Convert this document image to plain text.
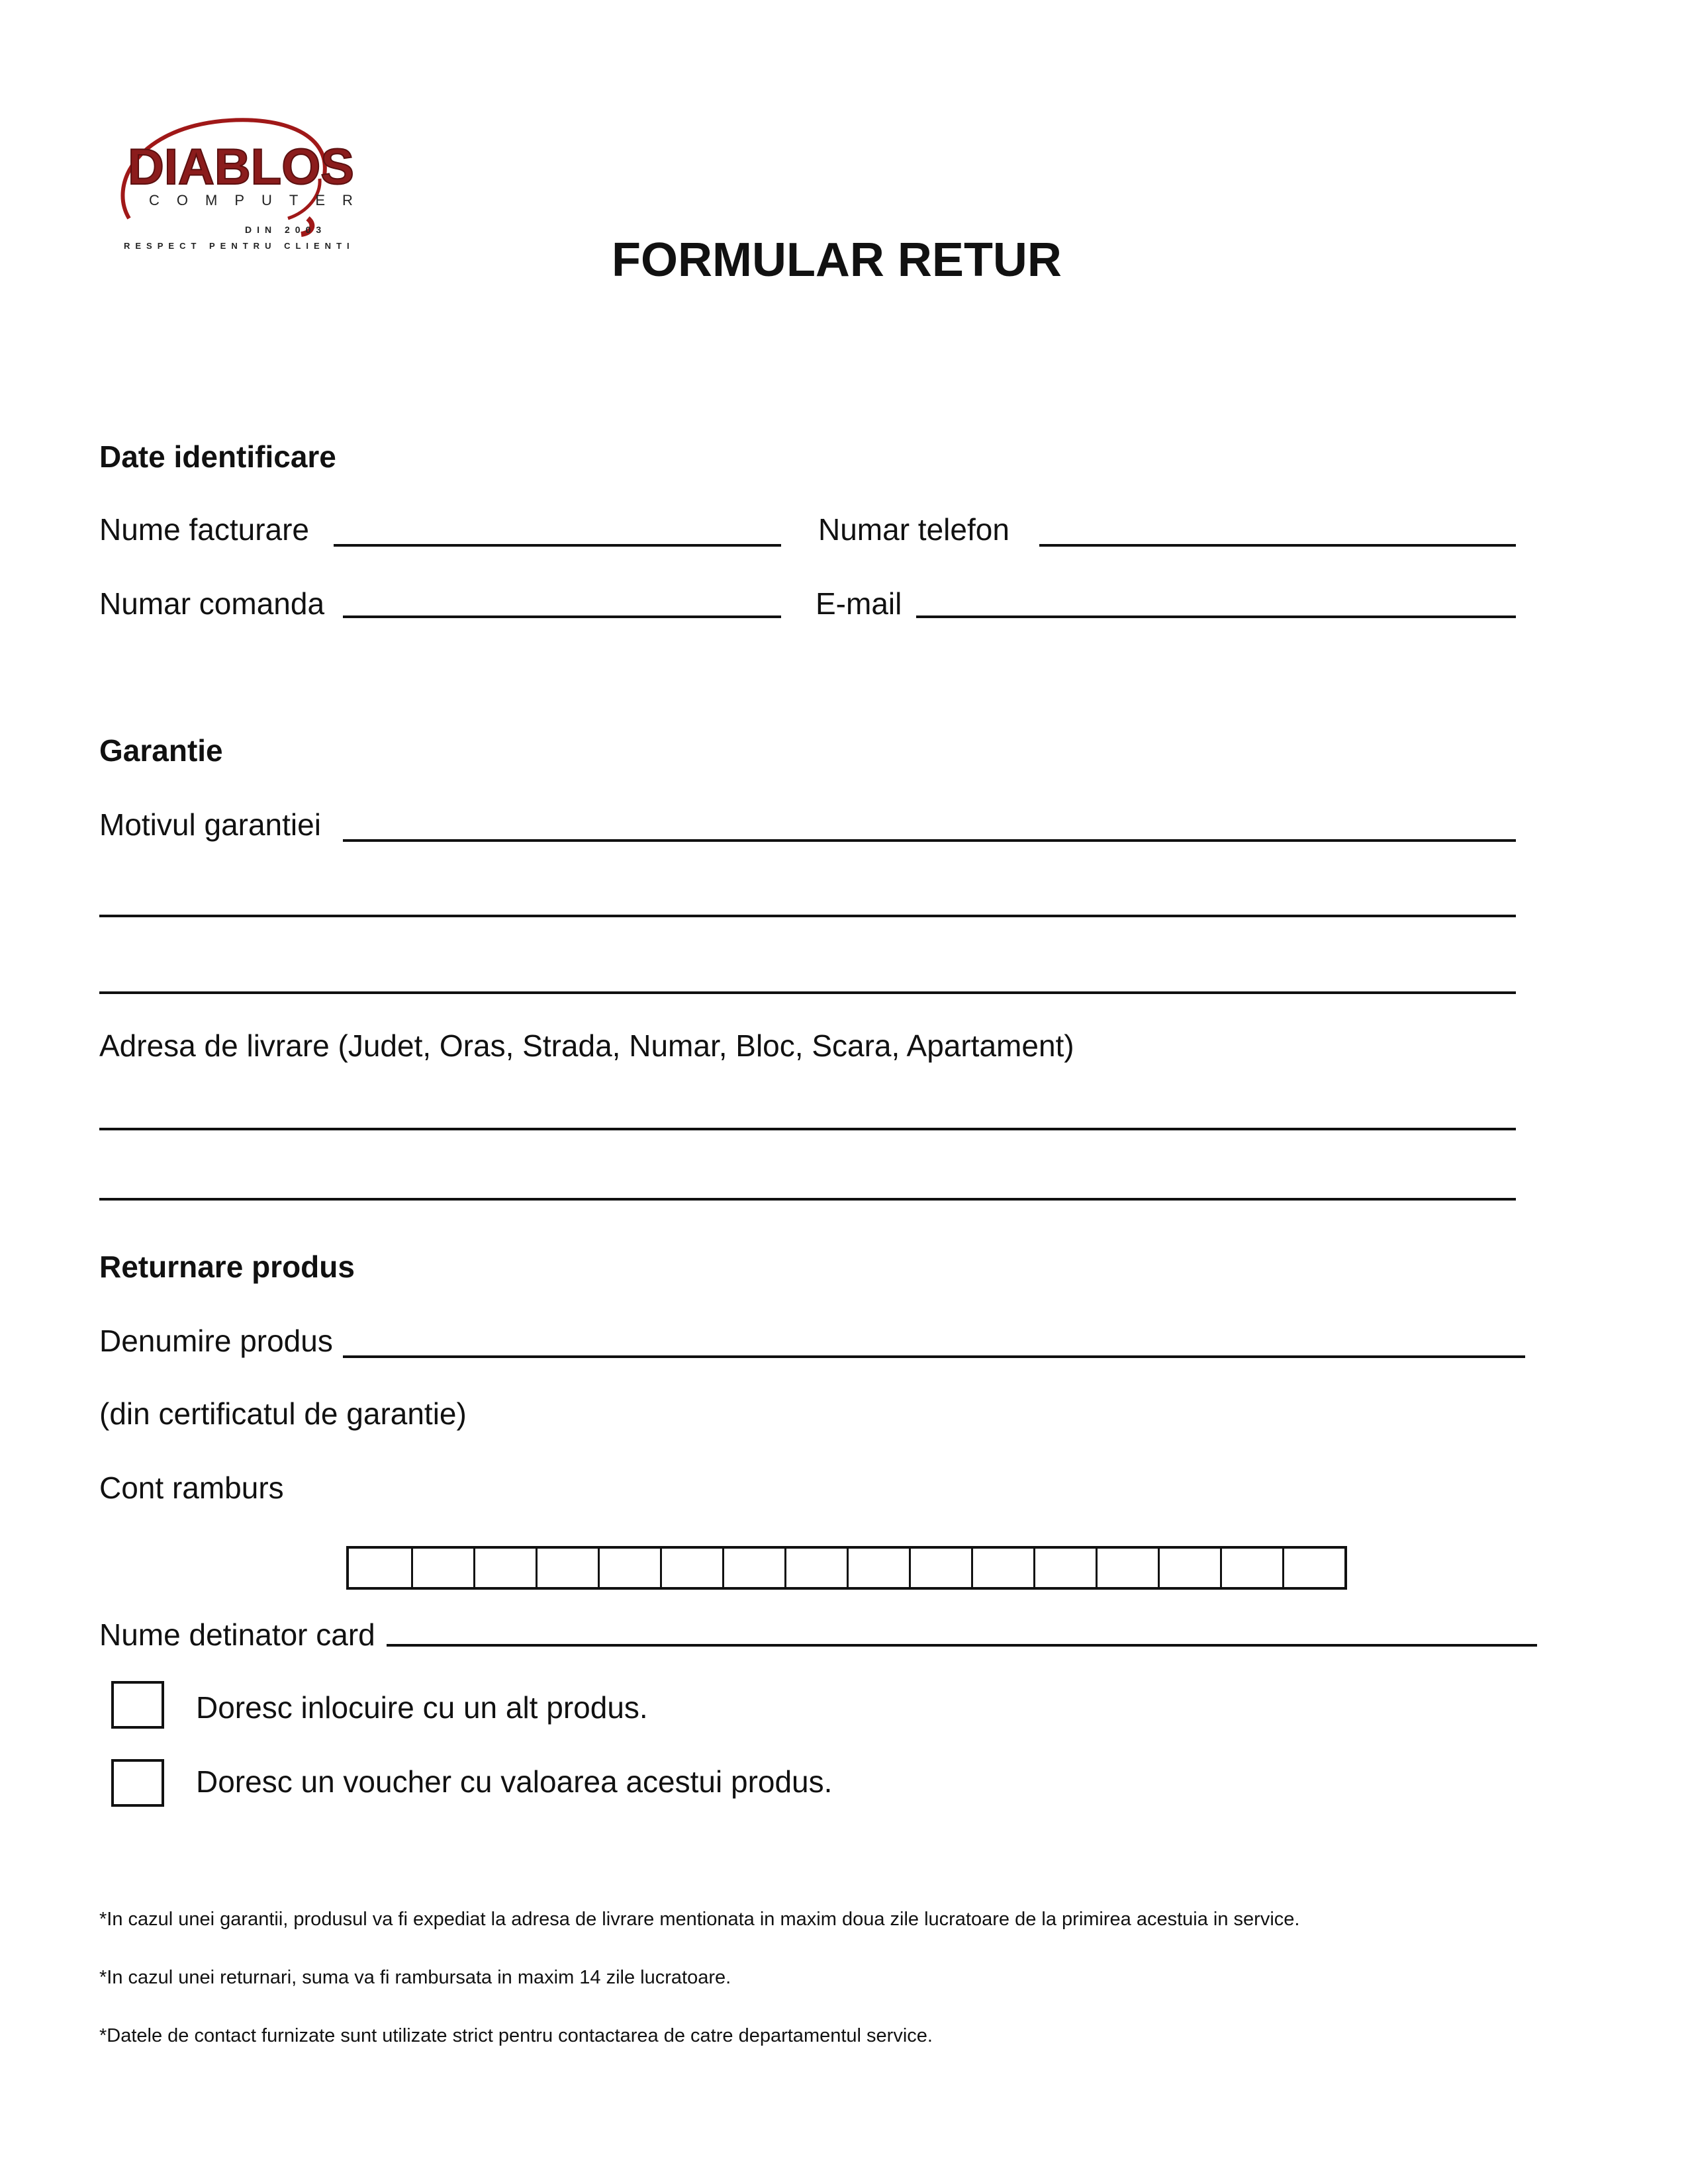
DIABLOS
COMPUTER
DIN 2003
RESPECT PENTRU CLIENTI	FORMULAR RETUR
Date identificare
Nume facturare	Numar telefon
Numar comanda	E-mail
Garantie
Motivul garantiei
Adresa de livrare (Judet, Oras, Strada, Numar, Bloc, Scara, Apartament)
Returnare produs
Denumire produs
(din certificatul de garantie)
Cont ramburs
Nume detinator card
Doresc inlocuire cu un alt produs.
Doresc un voucher cu valoarea acestui produs.
*In cazul unei garantii, produsul va fi expediat la adresa de livrare mentionata in maxim doua zile lucratoare de la primirea acestuia in service.
*In cazul unei returnari, suma va fi rambursata in maxim 14 zile lucratoare.
*Datele de contact furnizate sunt utilizate strict pentru contactarea de catre departamentul service.
